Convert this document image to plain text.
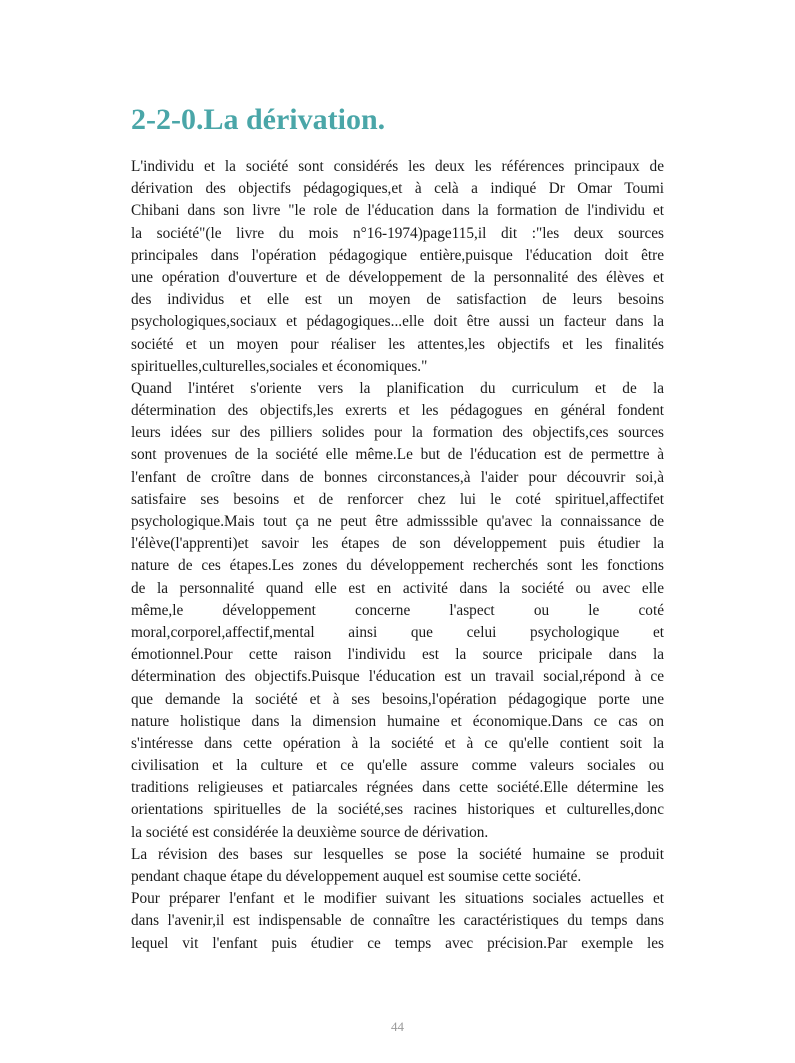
2-2-0.La dérivation.
L'individu et la société sont considérés les deux les références principaux de
dérivation des objectifs pédagogiques,et à celà a indiqué Dr Omar Toumi
Chibani dans son livre "le role de l'éducation dans la formation de l'individu et
la société"(le livre du mois n°16-1974)page115,il dit :"les deux sources
principales dans l'opération pédagogique entière,puisque l'éducation doit être
une opération d'ouverture et de développement de la personnalité des élèves et
des individus et elle est un moyen de satisfaction de leurs besoins
psychologiques,sociaux et pédagogiques...elle doit être aussi un facteur dans la
société et un moyen pour réaliser les attentes,les objectifs et les finalités
spirituelles,culturelles,sociales et économiques."
Quand l'intéret s'oriente vers la planification du curriculum et de la
détermination des objectifs,les exrerts et les pédagogues en général fondent
leurs idées sur des pilliers solides pour la formation des objectifs,ces sources
sont provenues de la société elle même.Le but de l'éducation est de permettre à
l'enfant de croître dans de bonnes circonstances,à l'aider pour découvrir soi,à
satisfaire ses besoins et de renforcer chez lui le coté spirituel,affectifet
psychologique.Mais tout ça ne peut être admisssible qu'avec la connaissance de
l'élève(l'apprenti)et savoir les étapes de son développement puis étudier la
nature de ces étapes.Les zones du développement recherchés sont les fonctions
de la personnalité quand elle est en activité dans la société ou avec elle
même,le développement concerne l'aspect ou le coté
moral,corporel,affectif,mental ainsi que celui psychologique et
émotionnel.Pour cette raison l'individu est la source pricipale dans la
détermination des objectifs.Puisque l'éducation est un travail social,répond à ce
que demande la société et à ses besoins,l'opération pédagogique porte une
nature holistique dans la dimension humaine et économique.Dans ce cas on
s'intéresse dans cette opération à la société et à ce qu'elle contient soit la
civilisation et la culture et ce qu'elle assure comme valeurs sociales ou
traditions religieuses et patiarcales régnées dans cette société.Elle détermine les
orientations spirituelles de la société,ses racines historiques et culturelles,donc
la société est considérée la deuxième source de dérivation.
La révision des bases sur lesquelles se pose la société humaine se produit
pendant chaque étape du développement auquel est soumise cette société.
Pour préparer l'enfant et le modifier suivant les situations sociales actuelles et
dans l'avenir,il est indispensable de connaître les caractéristiques du temps dans
lequel vit l'enfant puis étudier ce temps avec précision.Par exemple les
44
